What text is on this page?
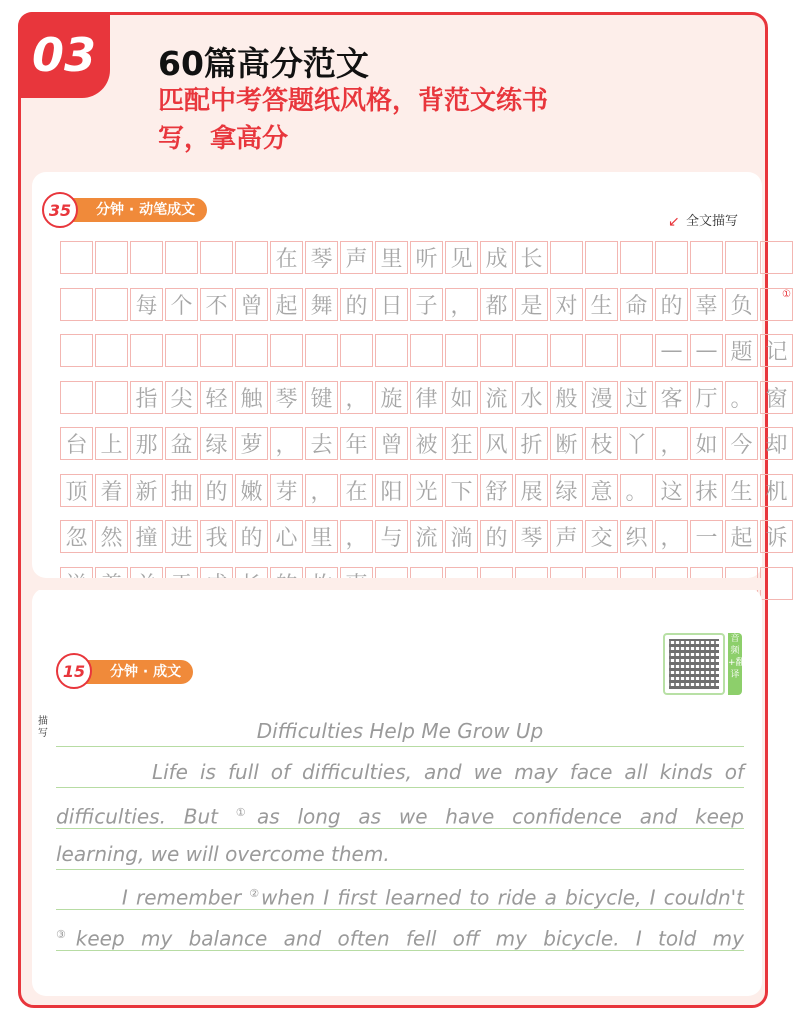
03 60篇高分范文
匹配中考答题纸风格，背范文练书写，拿高分
分钟 · 动笔成文
35
↙ 全文描写
在 琴 声 里 听 见 成 长
每 个 不 曾 起 舞 的 日 子 ， 都 是 对 生 命 的 辜 负	①
— — 题 记
指 尖 轻 触 琴 键 ， 旋 律 如 流 水 般 漫 过 客 厅 。 窗
台 上 那 盆 绿 萝 ， 去 年 曾 被 狂 风 折 断 枝 丫 ， 如 今 却
顶 着 新 抽 的 嫩 芽 ， 在 阳 光 下 舒 展 绿 意 。 这 抹 生 机
忽 然 撞 进 我 的 心 里 ， 与 流 淌 的 琴 声 交 织 ， 一 起 诉
分钟 · 成文
15
音频+翻译
描写	Difficulties Help Me Grow Up
Life is full of difficulties, and we may face all kinds of
difficulties. But ①as long as we have confidence and keep
learning, we will overcome them.
I remember ②when I first learned to ride a bicycle, I couldn't
③keep my balance and often fell off my bicycle. I told my
